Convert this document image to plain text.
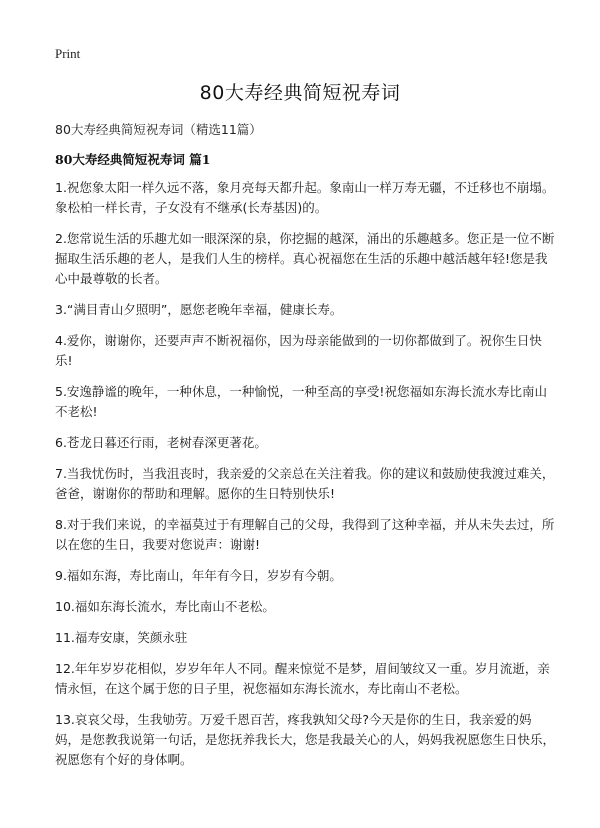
Print
80大寿经典简短祝寿词
80大寿经典简短祝寿词（精选11篇）
80大寿经典简短祝寿词 篇1
1.祝您象太阳一样久远不落，象月亮每天都升起。象南山一样万寿无疆，不迁移也不崩塌。象松柏一样长青，子女没有不继承(长寿基因)的。
2.您常说生活的乐趣尤如一眼深深的泉，你挖掘的越深，涌出的乐趣越多。您正是一位不断掘取生活乐趣的老人，是我们人生的榜样。真心祝福您在生活的乐趣中越活越年轻!您是我心中最尊敬的长者。
3.“满目青山夕照明”，愿您老晚年幸福，健康长寿。
4.爱你，谢谢你，还要声声不断祝福你，因为母亲能做到的一切你都做到了。祝你生日快乐!
5.安逸静谧的晚年，一种休息，一种愉悦，一种至高的享受!祝您福如东海长流水寿比南山不老松!
6.苍龙日暮还行雨，老树春深更著花。
7.当我忧伤时，当我沮丧时，我亲爱的父亲总在关注着我。你的建议和鼓励使我渡过难关，爸爸，谢谢你的帮助和理解。愿你的生日特别快乐!
8.对于我们来说，的幸福莫过于有理解自己的父母，我得到了这种幸福，并从未失去过，所以在您的生日，我要对您说声：谢谢!
9.福如东海，寿比南山，年年有今日，岁岁有今朝。
10.福如东海长流水，寿比南山不老松。
11.福寿安康，笑颜永驻
12.年年岁岁花相似，岁岁年年人不同。醒来惊觉不是梦，眉间皱纹又一重。岁月流逝，亲情永恒，在这个属于您的日子里，祝您福如东海长流水，寿比南山不老松。
13.哀哀父母，生我劬劳。万爱千恩百苦，疼我孰知父母?今天是你的生日，我亲爱的妈妈，是您教我说第一句话，是您抚养我长大，您是我最关心的人，妈妈我祝愿您生日快乐，祝愿您有个好的身体啊。
